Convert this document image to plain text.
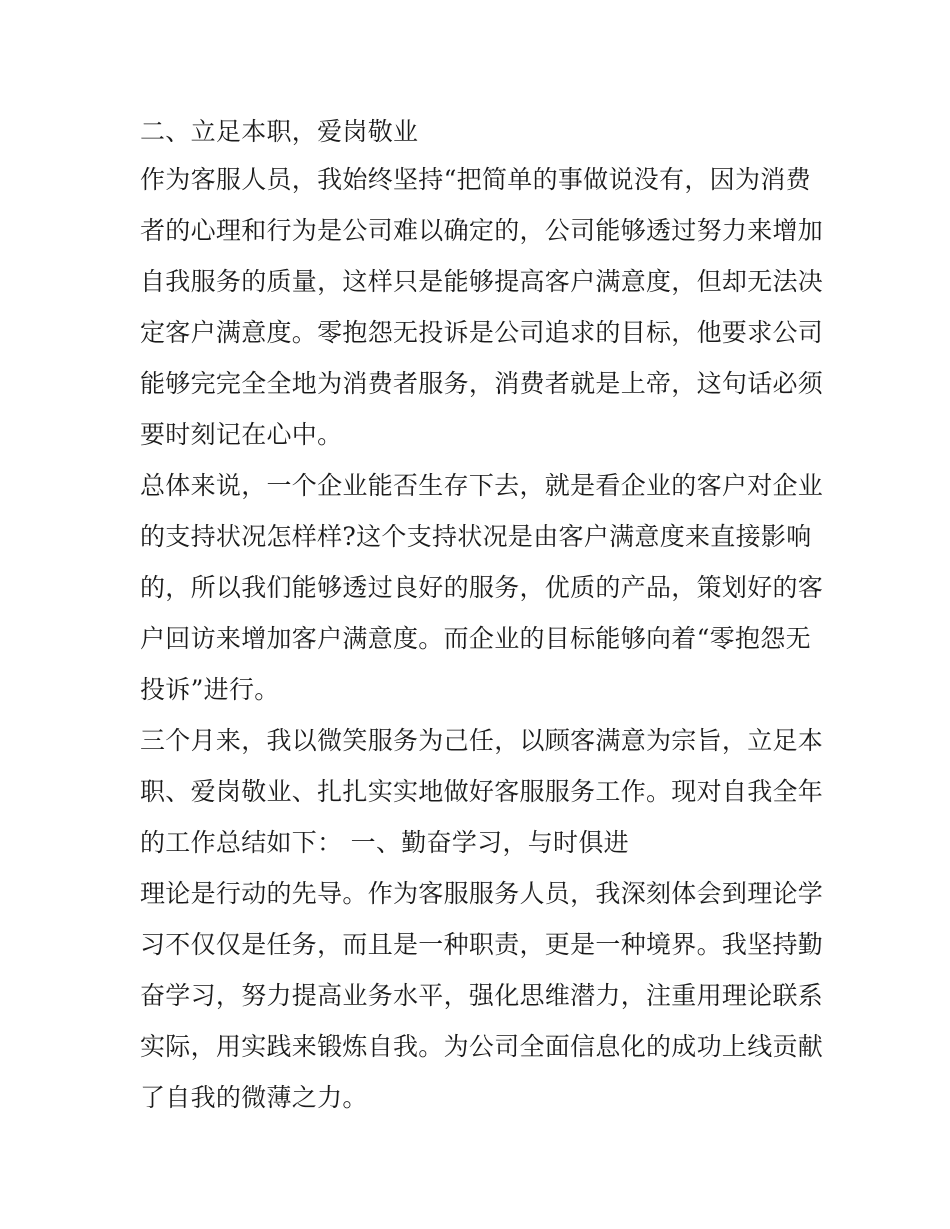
二、立足本职，爱岗敬业
作为客服人员，我始终坚持“把简单的事做说没有，因为消费
者的心理和行为是公司难以确定的，公司能够透过努力来增加
自我服务的质量，这样只是能够提高客户满意度，但却无法决
定客户满意度。零抱怨无投诉是公司追求的目标，他要求公司
能够完完全全地为消费者服务，消费者就是上帝，这句话必须
要时刻记在心中。
总体来说，一个企业能否生存下去，就是看企业的客户对企业
的支持状况怎样样?这个支持状况是由客户满意度来直接影响
的，所以我们能够透过良好的服务，优质的产品，策划好的客
户回访来增加客户满意度。而企业的目标能够向着“零抱怨无
投诉”进行。
三个月来，我以微笑服务为己任，以顾客满意为宗旨，立足本
职、爱岗敬业、扎扎实实地做好客服服务工作。现对自我全年
的工作总结如下： 一、勤奋学习，与时俱进
理论是行动的先导。作为客服服务人员，我深刻体会到理论学
习不仅仅是任务，而且是一种职责，更是一种境界。我坚持勤
奋学习，努力提高业务水平，强化思维潜力，注重用理论联系
实际，用实践来锻炼自我。为公司全面信息化的成功上线贡献
了自我的微薄之力。
